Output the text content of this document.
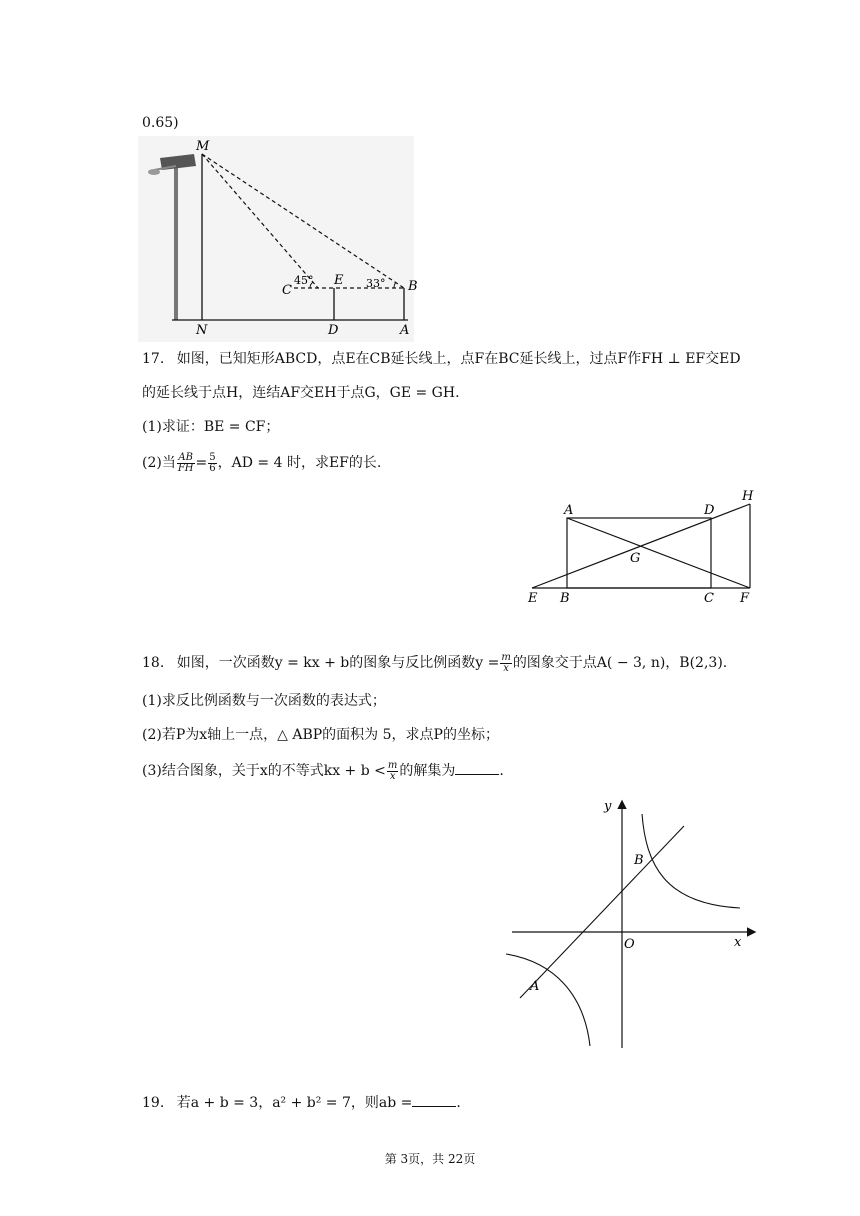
0.65)
M
C
E	B
N	D	A
45°	33°
17. 如图，已知矩形ABCD，点E在CB延长线上，点F在BC延长线上，过点F作FH ⊥ EF交ED
的延长线于点H，连结AF交EH于点G，GE = GH.
(1)求证：BE = CF；
(2)当 $\frac{AB}{FH} = \frac{5}{6}$ ，AD = 4 时，求EF的长.
A	D
H
G
E B	C F
18. 如图，一次函数y = kx + b的图象与反比例函数$y = \frac{m}{x}$ 的图象交于点A( − 3, n)，B(2,3).
(1)求反比例函数与一次函数的表达式；
(2)若P为x轴上一点，△ ABP的面积为 5，求点P的坐标；
(3)结合图象，关于x的不等式kx + $b < \frac{m}{x}$ 的解集为	.
y
x
O
B
A
19. 若a + b = 3，a² + b² = 7，则ab =	.
第 3页，共 22页
